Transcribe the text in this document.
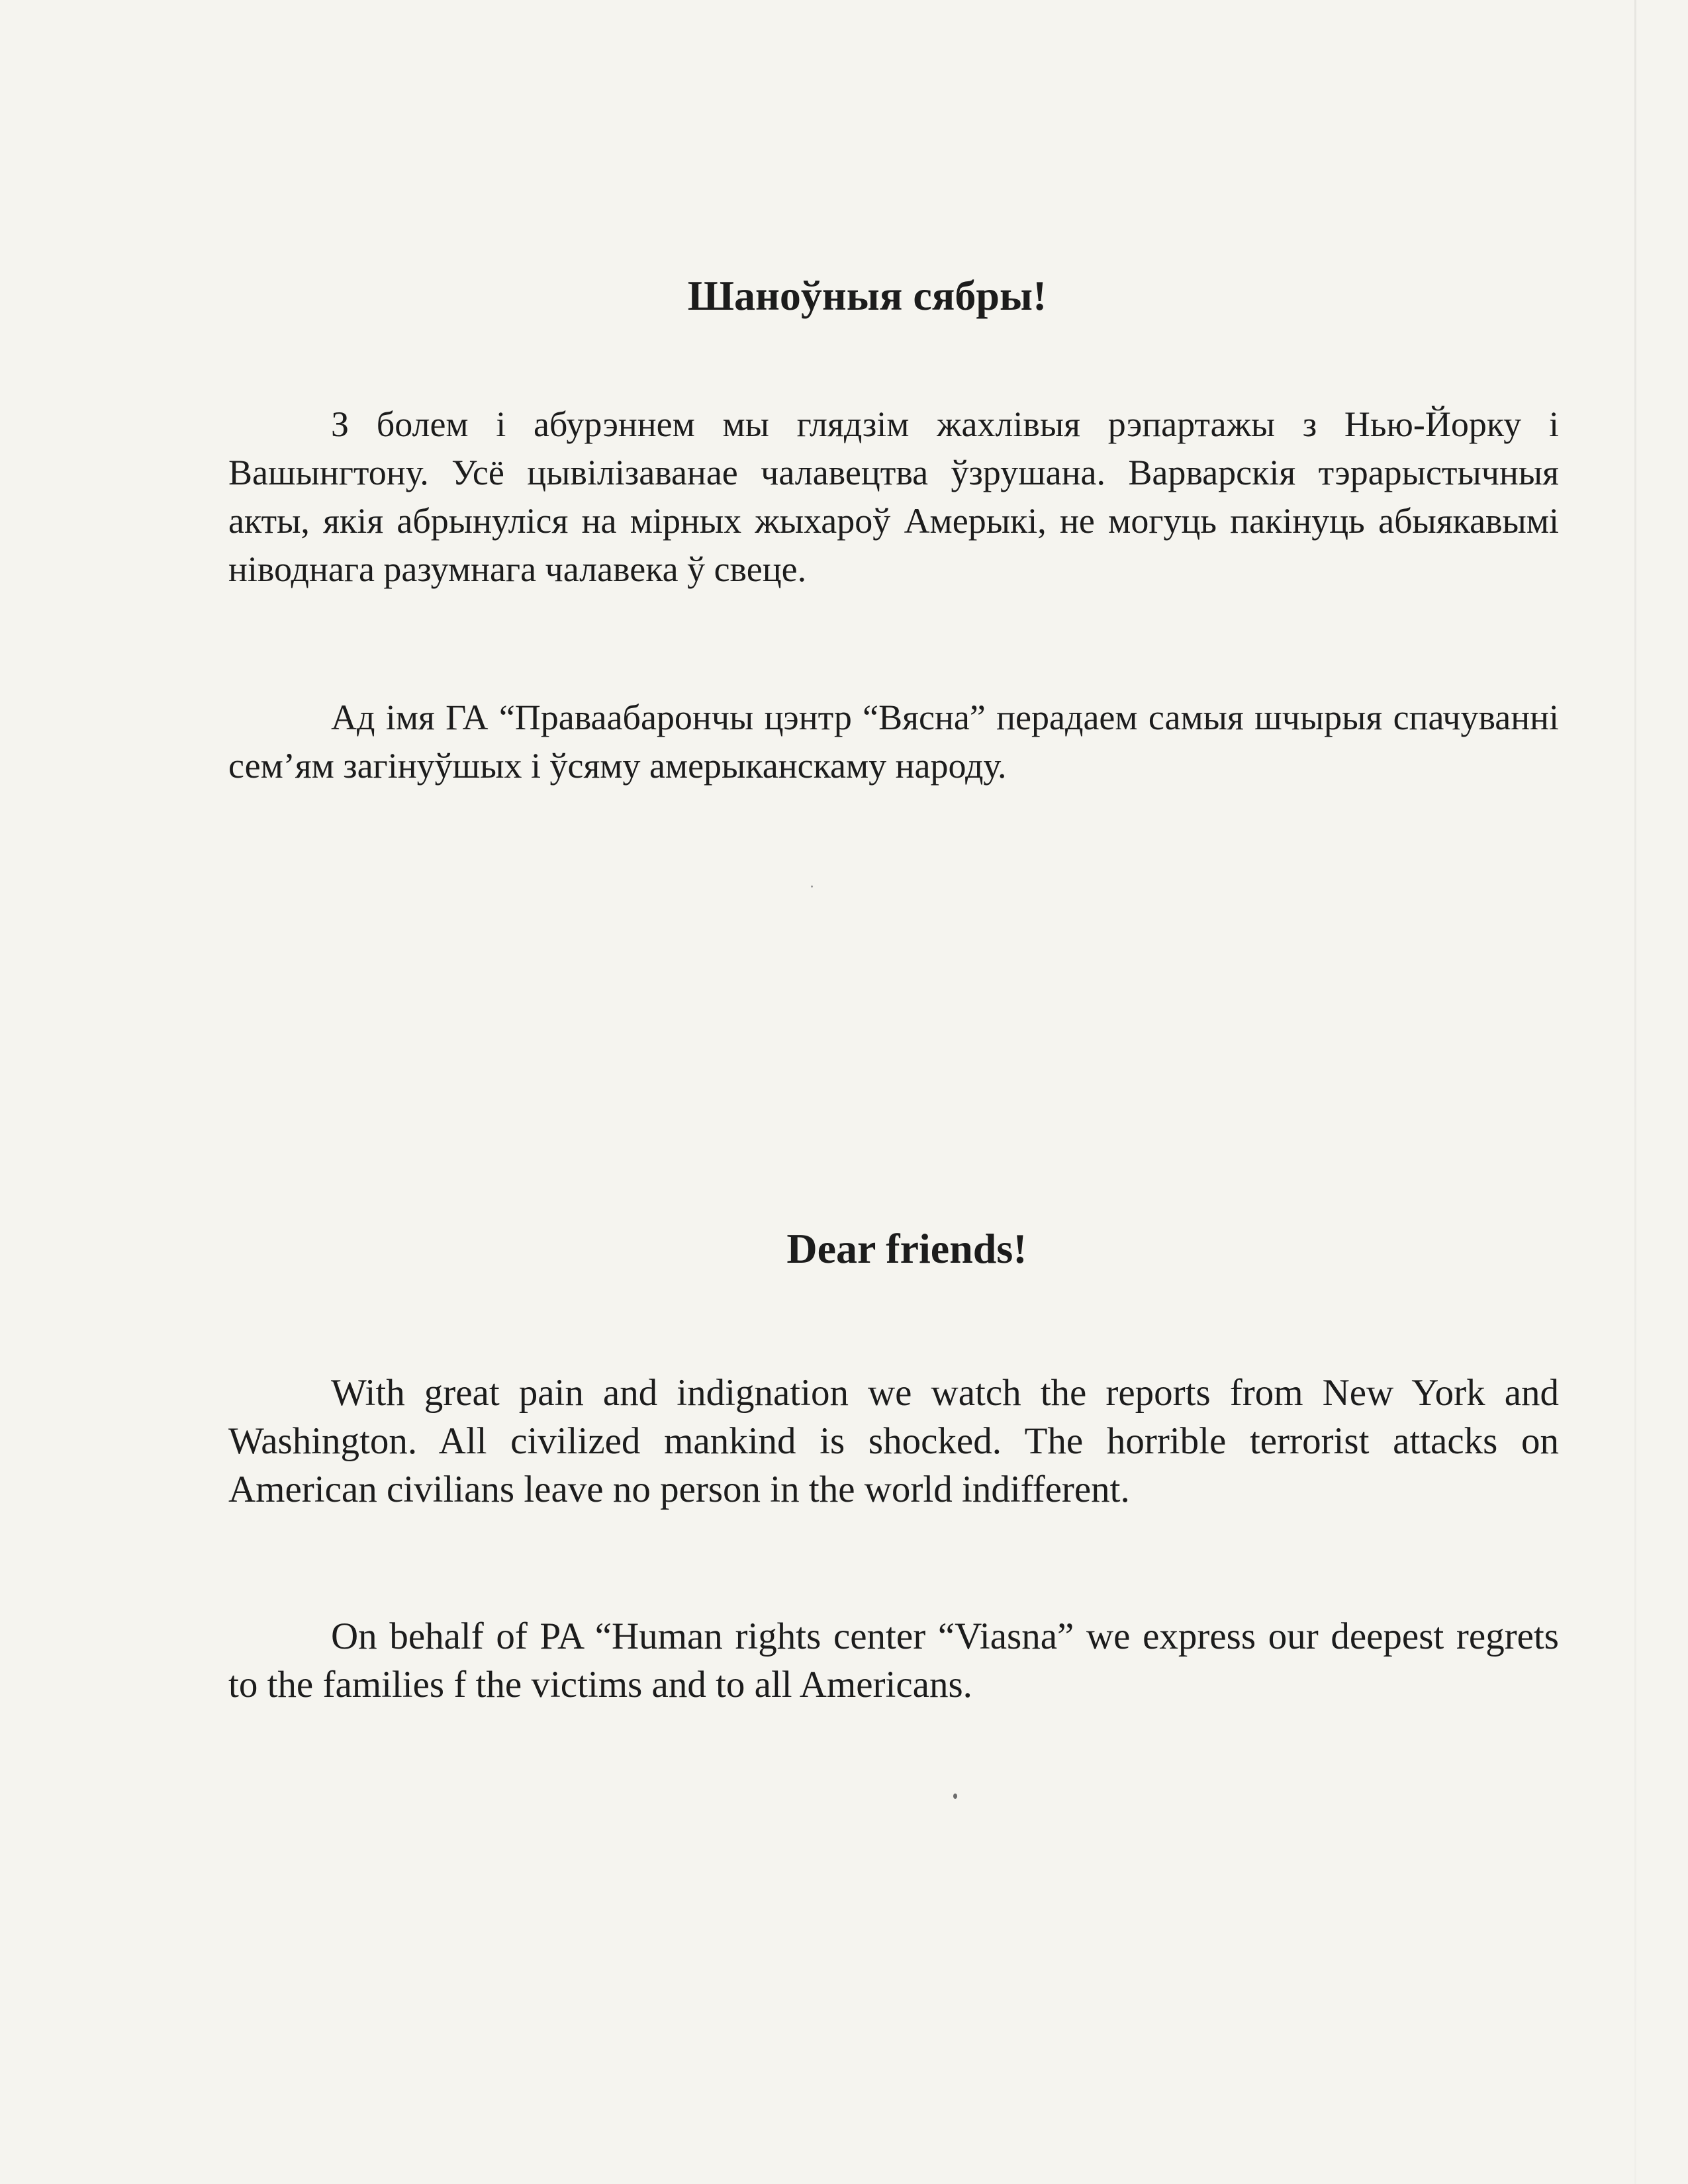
Шаноўныя сябры!

З болем і абурэннем мы глядзім жахлівыя рэпартажы з Нью-Йорку і Вашынгтону. Усё цывілізаванае чалавецтва ўзрушана. Варварскія тэрарыстычныя акты, якія абрынуліся на мірных жыхароў Амерыкі, не могуць пакінуць абыякавымі ніводнага разумнага чалавека ў свеце.

Ад імя ГА “Праваабарончы цэнтр “Вясна” перадаем самыя шчырыя спачуванні сем’ям загінуўшых і ўсяму амерыканскаму народу.

Dear friends!

With great pain and indignation we watch the reports from New York and Washington. All civilized mankind is shocked. The horrible terrorist attacks on American civilians leave no person in the world indifferent.

On behalf of PA “Human rights center “Viasna” we express our deepest regrets to the families f the victims and to all Americans.
